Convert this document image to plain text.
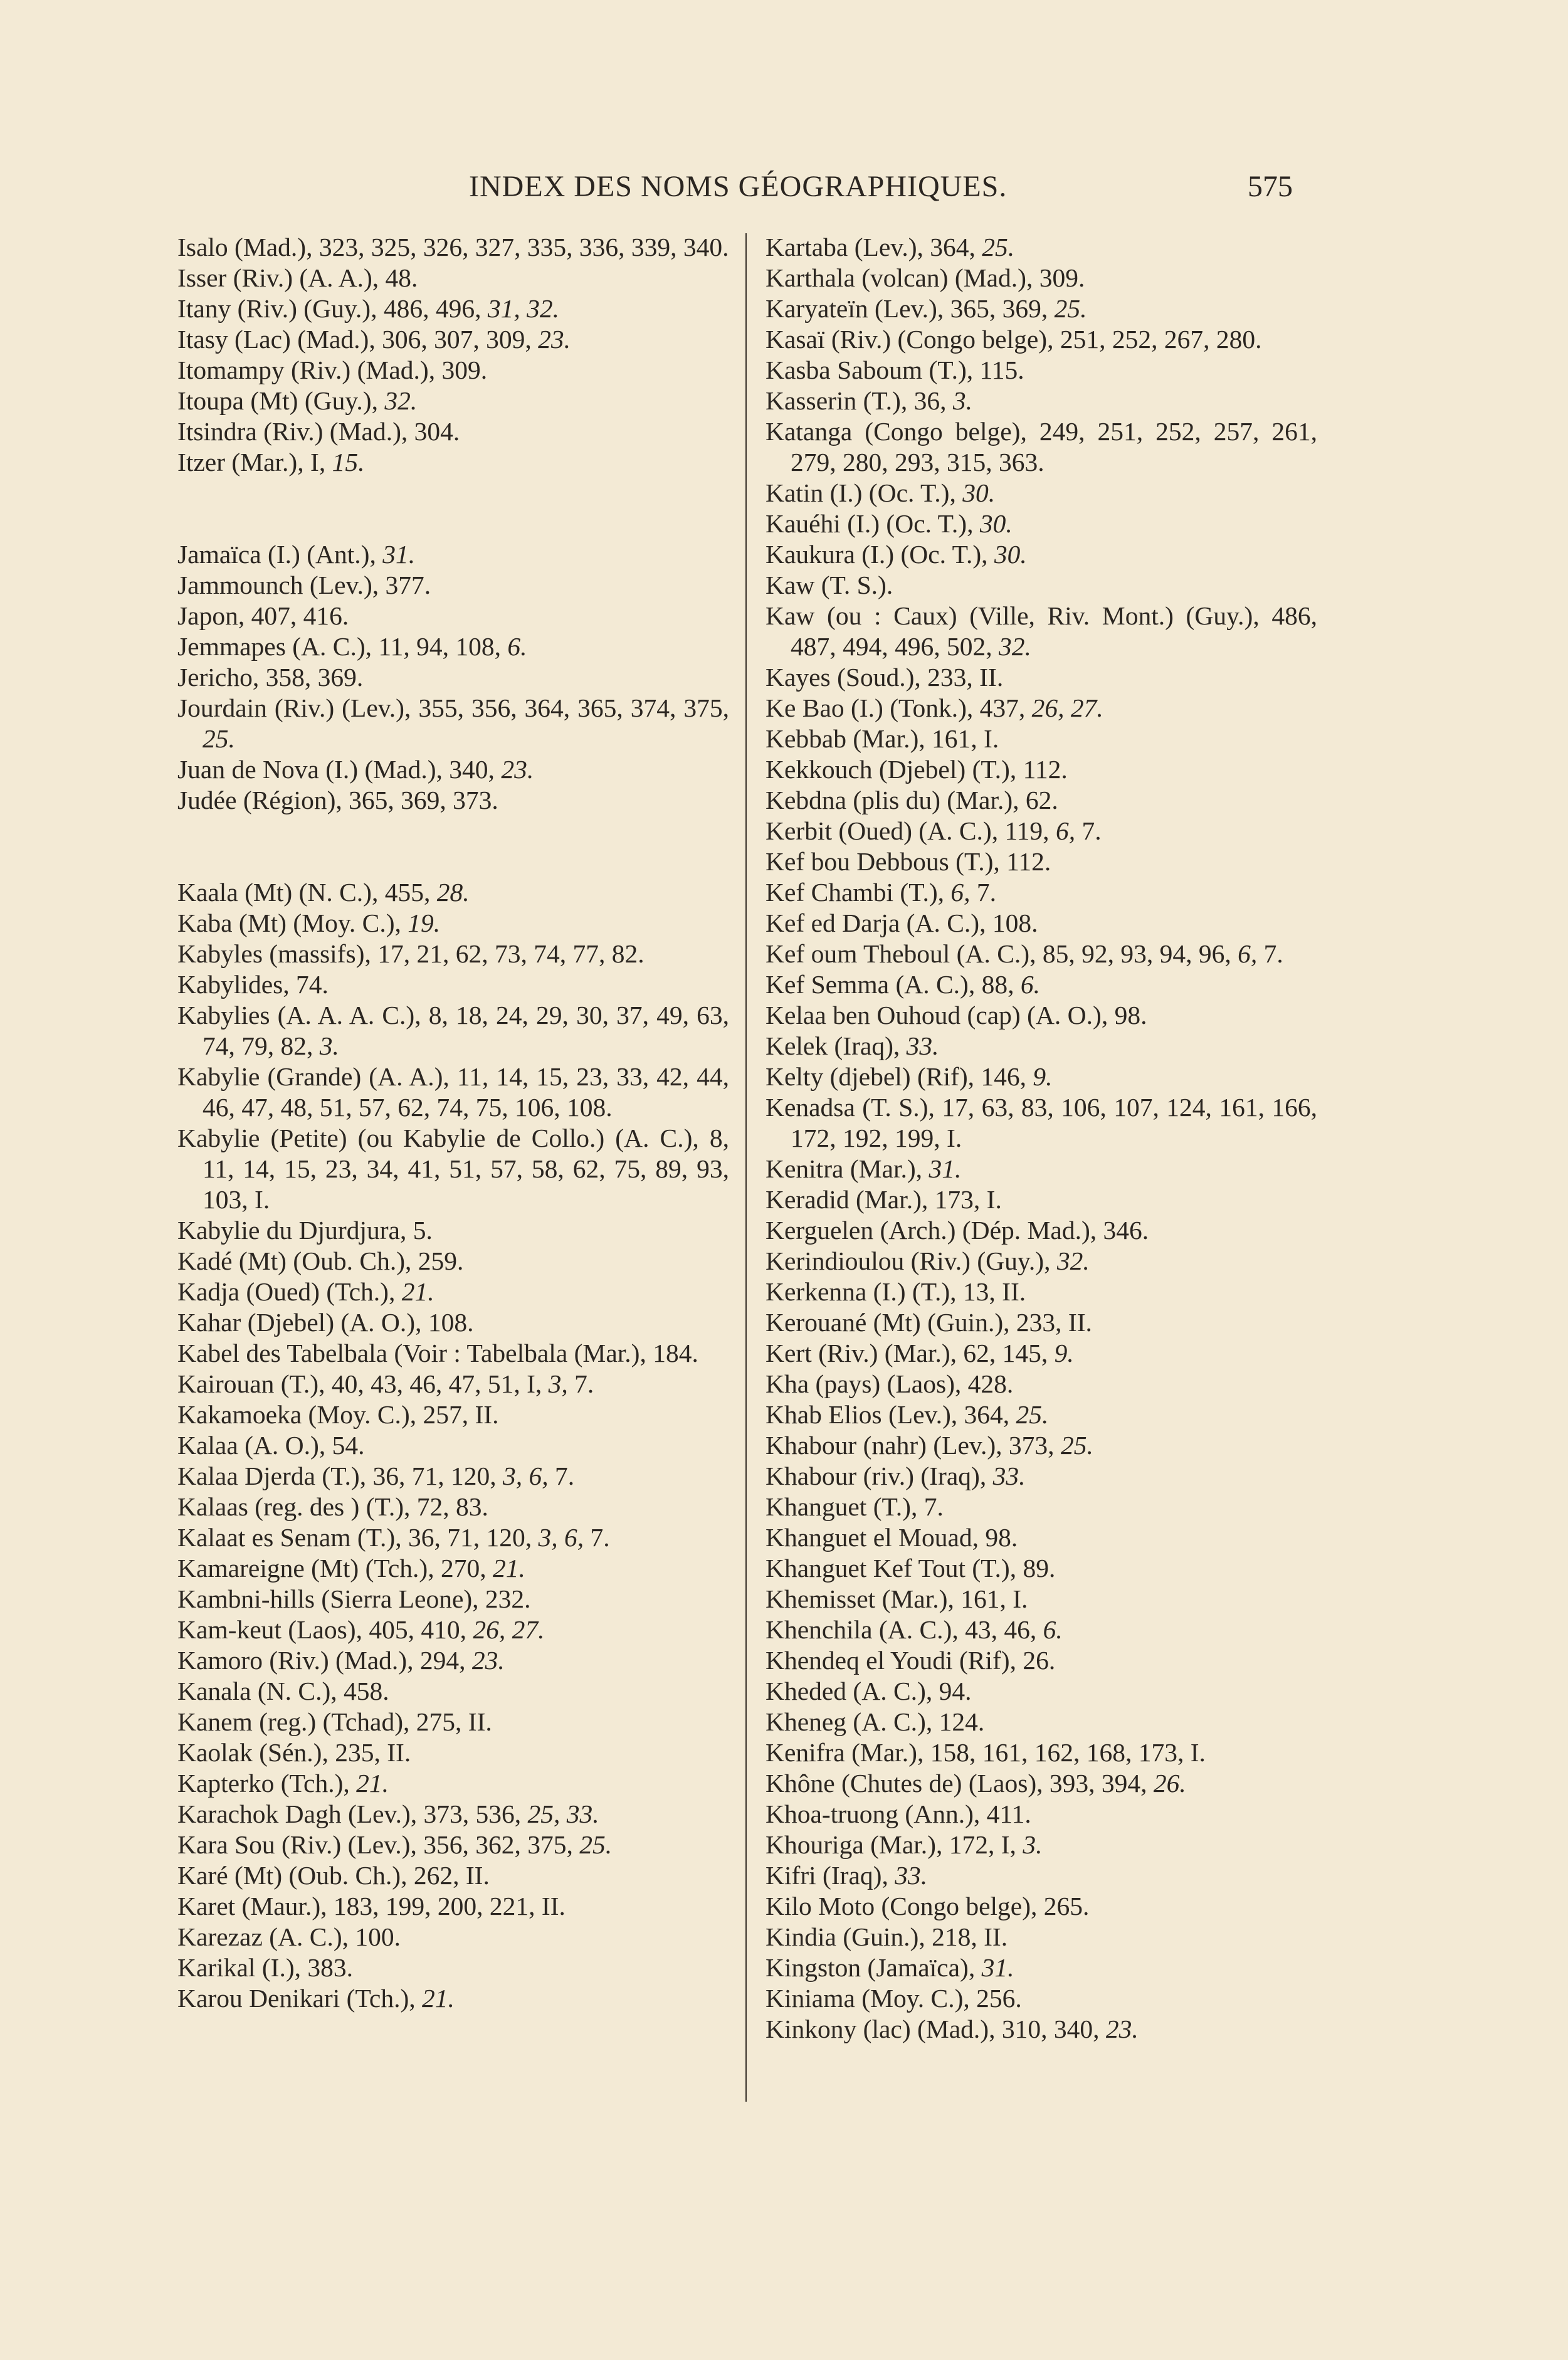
INDEX DES NOMS GÉOGRAPHIQUES.	575
Isalo (Mad.), 323, 325, 326, 327, 335, 336, 339, 340.
Isser (Riv.) (A. A.), 48.
Itany (Riv.) (Guy.), 486, 496, 31, 32.
Itasy (Lac) (Mad.), 306, 307, 309, 23.
Itomampy (Riv.) (Mad.), 309.
Itoupa (Mt) (Guy.), 32.
Itsindra (Riv.) (Mad.), 304.
Itzer (Mar.), I, 15.
Jamaïca (I.) (Ant.), 31.
Jammounch (Lev.), 377.
Japon, 407, 416.
Jemmapes (A. C.), 11, 94, 108, 6.
Jericho, 358, 369.
Jourdain (Riv.) (Lev.), 355, 356, 364, 365, 374, 375, 25.
Juan de Nova (I.) (Mad.), 340, 23.
Judée (Région), 365, 369, 373.
Kaala (Mt) (N. C.), 455, 28.
Kaba (Mt) (Moy. C.), 19.
Kabyles (massifs), 17, 21, 62, 73, 74, 77, 82.
Kabylides, 74.
Kabylies (A. A. A. C.), 8, 18, 24, 29, 30, 37, 49, 63, 74, 79, 82, 3.
Kabylie (Grande) (A. A.), 11, 14, 15, 23, 33, 42, 44, 46, 47, 48, 51, 57, 62, 74, 75, 106, 108.
Kabylie (Petite) (ou Kabylie de Collo.) (A. C.), 8, 11, 14, 15, 23, 34, 41, 51, 57, 58, 62, 75, 89, 93, 103, I.
Kabylie du Djurdjura, 5.
Kadé (Mt) (Oub. Ch.), 259.
Kadja (Oued) (Tch.), 21.
Kahar (Djebel) (A. O.), 108.
Kabel des Tabelbala (Voir : Tabelbala (Mar.), 184.
Kairouan (T.), 40, 43, 46, 47, 51, I, 3, 7.
Kakamoeka (Moy. C.), 257, II.
Kalaa (A. O.), 54.
Kalaa Djerda (T.), 36, 71, 120, 3, 6, 7.
Kalaas (reg. des ) (T.), 72, 83.
Kalaat es Senam (T.), 36, 71, 120, 3, 6, 7.
Kamareigne (Mt) (Tch.), 270, 21.
Kambni-hills (Sierra Leone), 232.
Kam-keut (Laos), 405, 410, 26, 27.
Kamoro (Riv.) (Mad.), 294, 23.
Kanala (N. C.), 458.
Kanem (reg.) (Tchad), 275, II.
Kaolak (Sén.), 235, II.
Kapterko (Tch.), 21.
Karachok Dagh (Lev.), 373, 536, 25, 33.
Kara Sou (Riv.) (Lev.), 356, 362, 375, 25.
Karé (Mt) (Oub. Ch.), 262, II.
Karet (Maur.), 183, 199, 200, 221, II.
Karezaz (A. C.), 100.
Karikal (I.), 383.
Karou Denikari (Tch.), 21.
Kartaba (Lev.), 364, 25.
Karthala (volcan) (Mad.), 309.
Karyateïn (Lev.), 365, 369, 25.
Kasaï (Riv.) (Congo belge), 251, 252, 267, 280.
Kasba Saboum (T.), 115.
Kasserin (T.), 36, 3.
Katanga (Congo belge), 249, 251, 252, 257, 261, 279, 280, 293, 315, 363.
Katin (I.) (Oc. T.), 30.
Kauéhi (I.) (Oc. T.), 30.
Kaukura (I.) (Oc. T.), 30.
Kaw (T. S.).
Kaw (ou : Caux) (Ville, Riv. Mont.) (Guy.), 486, 487, 494, 496, 502, 32.
Kayes (Soud.), 233, II.
Ke Bao (I.) (Tonk.), 437, 26, 27.
Kebbab (Mar.), 161, I.
Kekkouch (Djebel) (T.), 112.
Kebdna (plis du) (Mar.), 62.
Kerbit (Oued) (A. C.), 119, 6, 7.
Kef bou Debbous (T.), 112.
Kef Chambi (T.), 6, 7.
Kef ed Darja (A. C.), 108.
Kef oum Theboul (A. C.), 85, 92, 93, 94, 96, 6, 7.
Kef Semma (A. C.), 88, 6.
Kelaa ben Ouhoud (cap) (A. O.), 98.
Kelek (Iraq), 33.
Kelty (djebel) (Rif), 146, 9.
Kenadsa (T. S.), 17, 63, 83, 106, 107, 124, 161, 166, 172, 192, 199, I.
Kenitra (Mar.), 31.
Keradid (Mar.), 173, I.
Kerguelen (Arch.) (Dép. Mad.), 346.
Kerindioulou (Riv.) (Guy.), 32.
Kerkenna (I.) (T.), 13, II.
Kerouané (Mt) (Guin.), 233, II.
Kert (Riv.) (Mar.), 62, 145, 9.
Kha (pays) (Laos), 428.
Khab Elios (Lev.), 364, 25.
Khabour (nahr) (Lev.), 373, 25.
Khabour (riv.) (Iraq), 33.
Khanguet (T.), 7.
Khanguet el Mouad, 98.
Khanguet Kef Tout (T.), 89.
Khemisset (Mar.), 161, I.
Khenchila (A. C.), 43, 46, 6.
Khendeq el Youdi (Rif), 26.
Kheded (A. C.), 94.
Kheneg (A. C.), 124.
Kenifra (Mar.), 158, 161, 162, 168, 173, I.
Khône (Chutes de) (Laos), 393, 394, 26.
Khoa-truong (Ann.), 411.
Khouriga (Mar.), 172, I, 3.
Kifri (Iraq), 33.
Kilo Moto (Congo belge), 265.
Kindia (Guin.), 218, II.
Kingston (Jamaïca), 31.
Kiniama (Moy. C.), 256.
Kinkony (lac) (Mad.), 310, 340, 23.
